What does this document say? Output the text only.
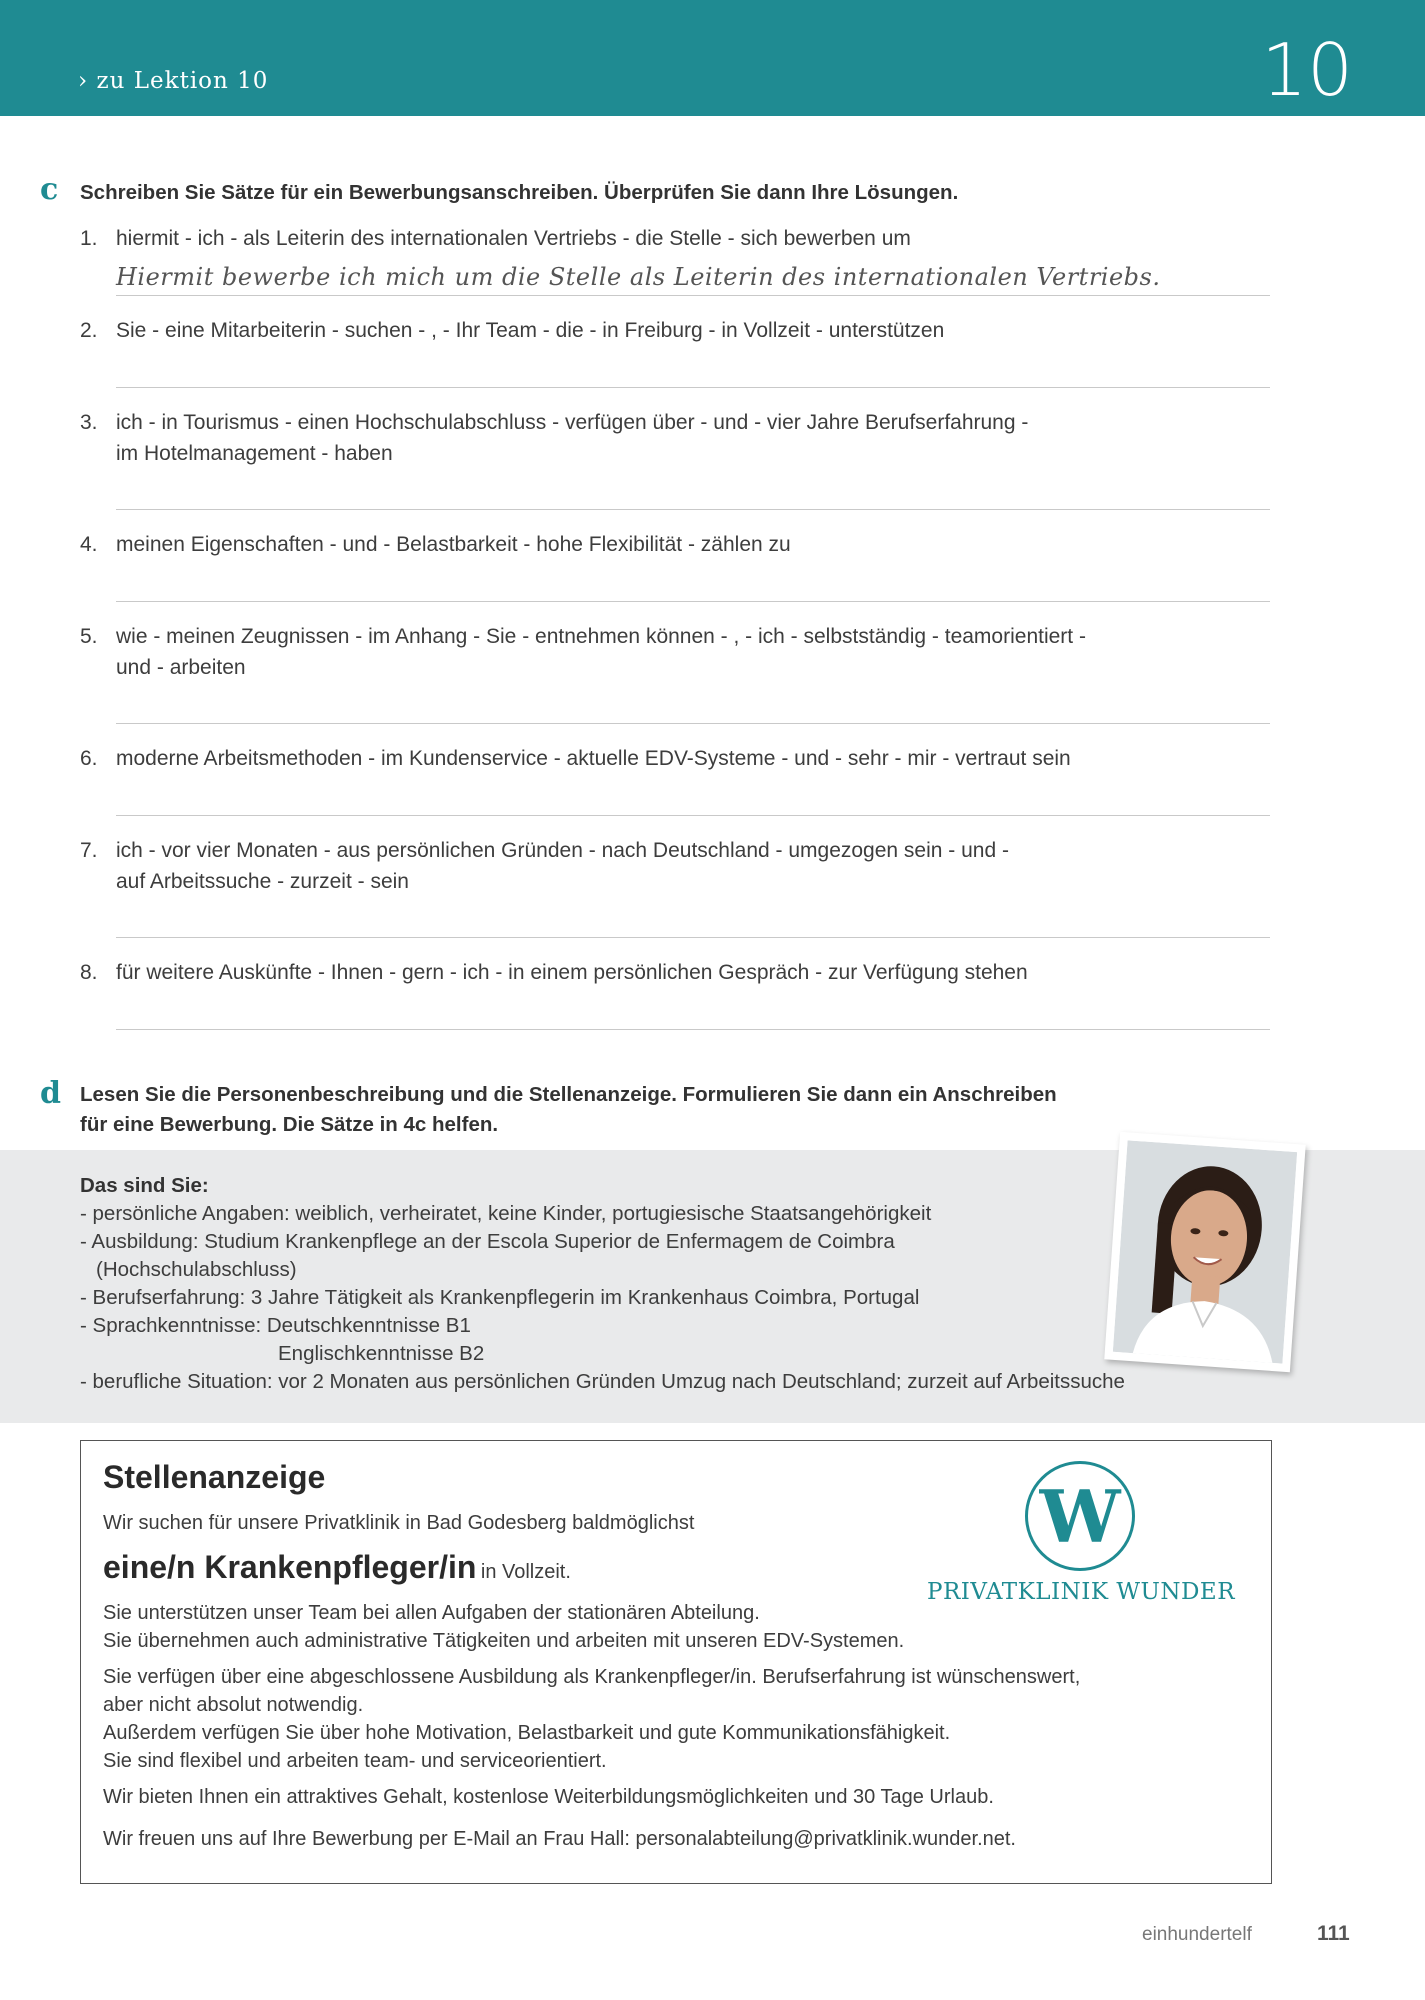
› zu Lektion 10	10
c Schreiben Sie Sätze für ein Bewerbungsanschreiben. Überprüfen Sie dann Ihre Lösungen.
1. hiermit - ich - als Leiterin des internationalen Vertriebs - die Stelle - sich bewerben um
Hiermit bewerbe ich mich um die Stelle als Leiterin des internationalen Vertriebs.
2. Sie - eine Mitarbeiterin - suchen - , - Ihr Team - die - in Freiburg - in Vollzeit - unterstützen
3. ich - in Tourismus - einen Hochschulabschluss - verfügen über - und - vier Jahre Berufserfahrung -
im Hotelmanagement - haben
4. meinen Eigenschaften - und - Belastbarkeit - hohe Flexibilität - zählen zu
5. wie - meinen Zeugnissen - im Anhang - Sie - entnehmen können - , - ich - selbstständig - teamorientiert -
und - arbeiten
6. moderne Arbeitsmethoden - im Kundenservice - aktuelle EDV-Systeme - und - sehr - mir - vertraut sein
7. ich - vor vier Monaten - aus persönlichen Gründen - nach Deutschland - umgezogen sein - und -
auf Arbeitssuche - zurzeit - sein
8. für weitere Auskünfte - Ihnen - gern - ich - in einem persönlichen Gespräch - zur Verfügung stehen
d Lesen Sie die Personenbeschreibung und die Stellenanzeige. Formulieren Sie dann ein Anschreiben
für eine Bewerbung. Die Sätze in 4c helfen.
Das sind Sie:
- persönliche Angaben: weiblich, verheiratet, keine Kinder, portugiesische Staatsangehörigkeit
- Ausbildung: Studium Krankenpflege an der Escola Superior de Enfermagem de Coimbra
(Hochschulabschluss)
- Berufserfahrung: 3 Jahre Tätigkeit als Krankenpflegerin im Krankenhaus Coimbra, Portugal
- Sprachkenntnisse: Deutschkenntnisse B1
Englischkenntnisse B2
- berufliche Situation: vor 2 Monaten aus persönlichen Gründen Umzug nach Deutschland; zurzeit auf Arbeitssuche
Stellenanzeige
Wir suchen für unsere Privatklinik in Bad Godesberg baldmöglichst
eine/n Krankenpfleger/in in Vollzeit.
W
PRIVATKLINIK WUNDER
Sie unterstützen unser Team bei allen Aufgaben der stationären Abteilung.
Sie übernehmen auch administrative Tätigkeiten und arbeiten mit unseren EDV-Systemen.
Sie verfügen über eine abgeschlossene Ausbildung als Krankenpfleger/in. Berufserfahrung ist wünschenswert,
aber nicht absolut notwendig.
Außerdem verfügen Sie über hohe Motivation, Belastbarkeit und gute Kommunikationsfähigkeit.
Sie sind flexibel und arbeiten team- und serviceorientiert.
Wir bieten Ihnen ein attraktives Gehalt, kostenlose Weiterbildungsmöglichkeiten und 30 Tage Urlaub.
Wir freuen uns auf Ihre Bewerbung per E-Mail an Frau Hall: personalabteilung@privatklinik.wunder.net.
einhundertelf	111
